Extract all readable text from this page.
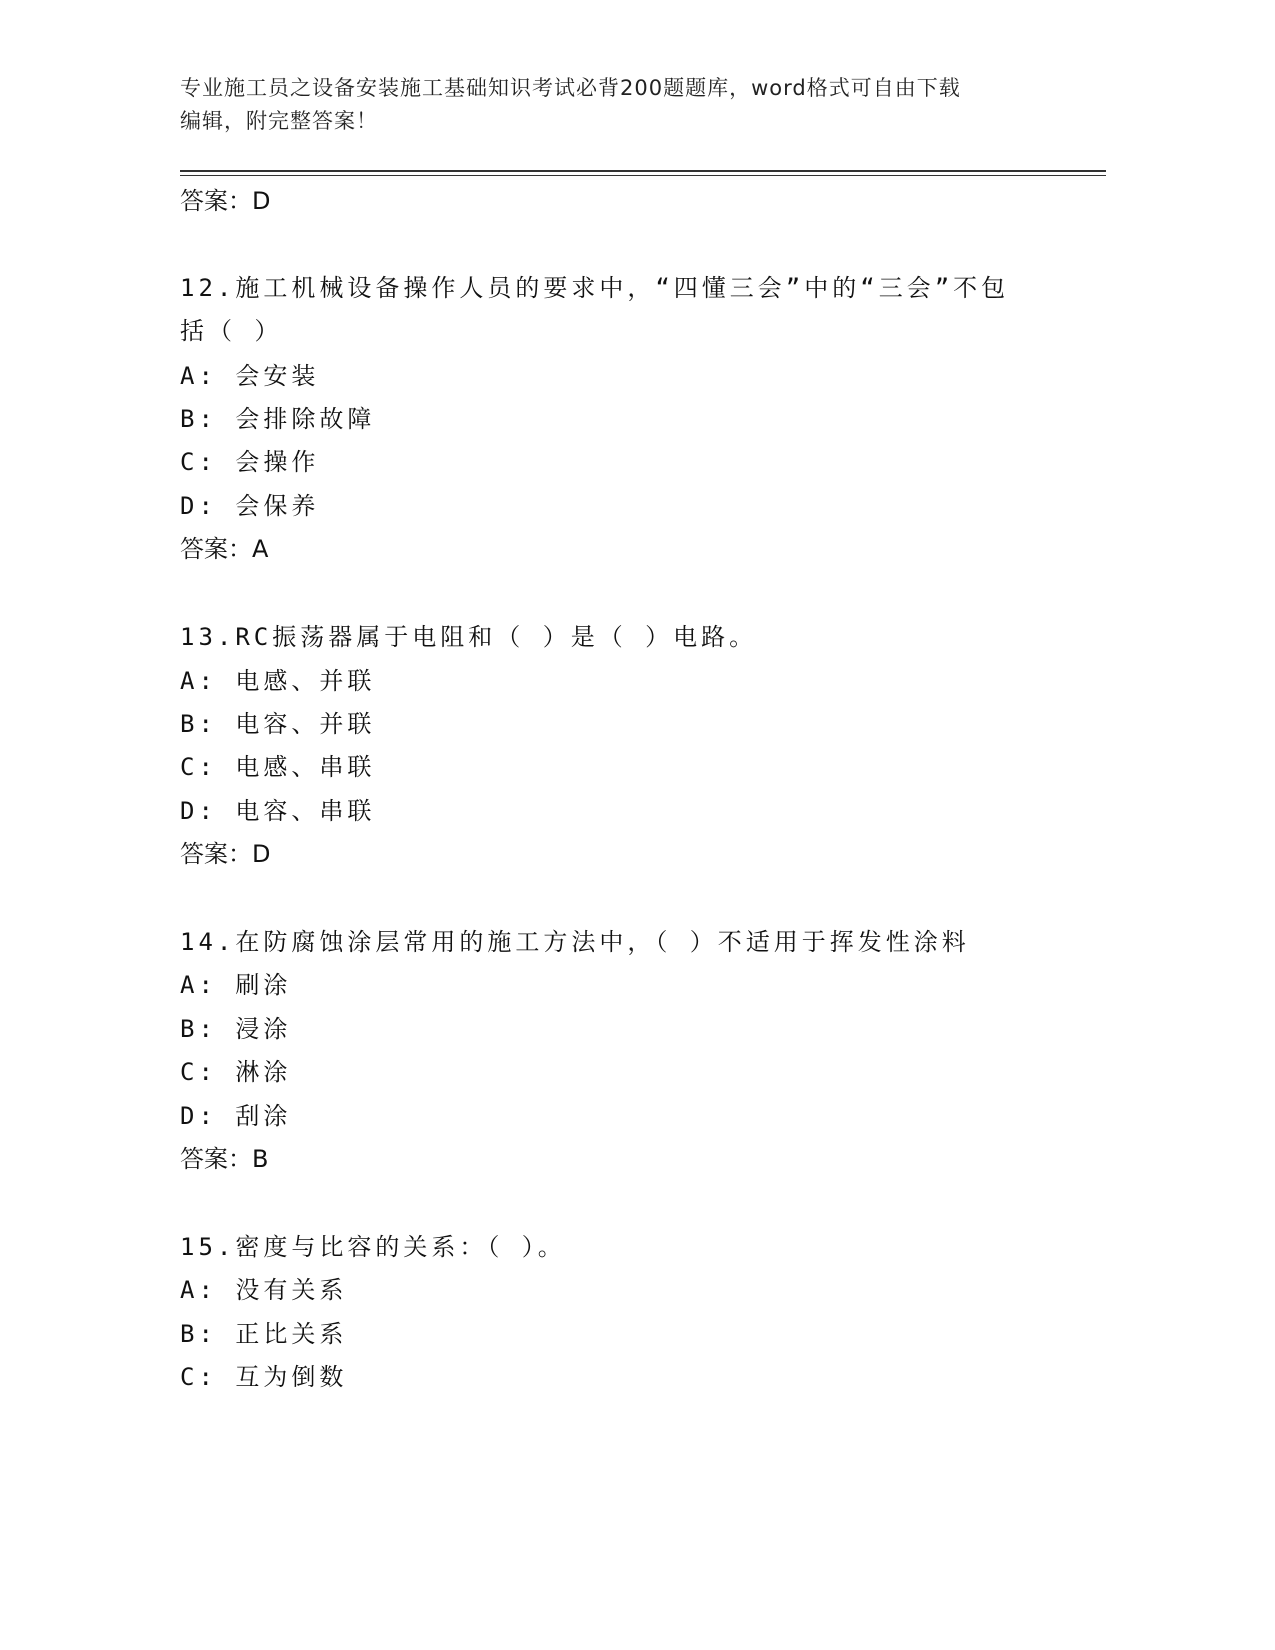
专业施工员之设备安装施工基础知识考试必背200题题库，word格式可自由下载
编辑，附完整答案！
答案：D
12.施工机械设备操作人员的要求中，“四懂三会”中的“三会”不包
括（ ）
A: 会安装
B: 会排除故障
C: 会操作
D: 会保养
答案：A
13.RC振荡器属于电阻和（ ）是（ ）电路。
A: 电感、并联
B: 电容、并联
C: 电感、串联
D: 电容、串联
答案：D
14.在防腐蚀涂层常用的施工方法中，（ ）不适用于挥发性涂料
A: 刷涂
B: 浸涂
C: 淋涂
D: 刮涂
答案：B
15.密度与比容的关系：（ ）。
A: 没有关系
B: 正比关系
C: 互为倒数
